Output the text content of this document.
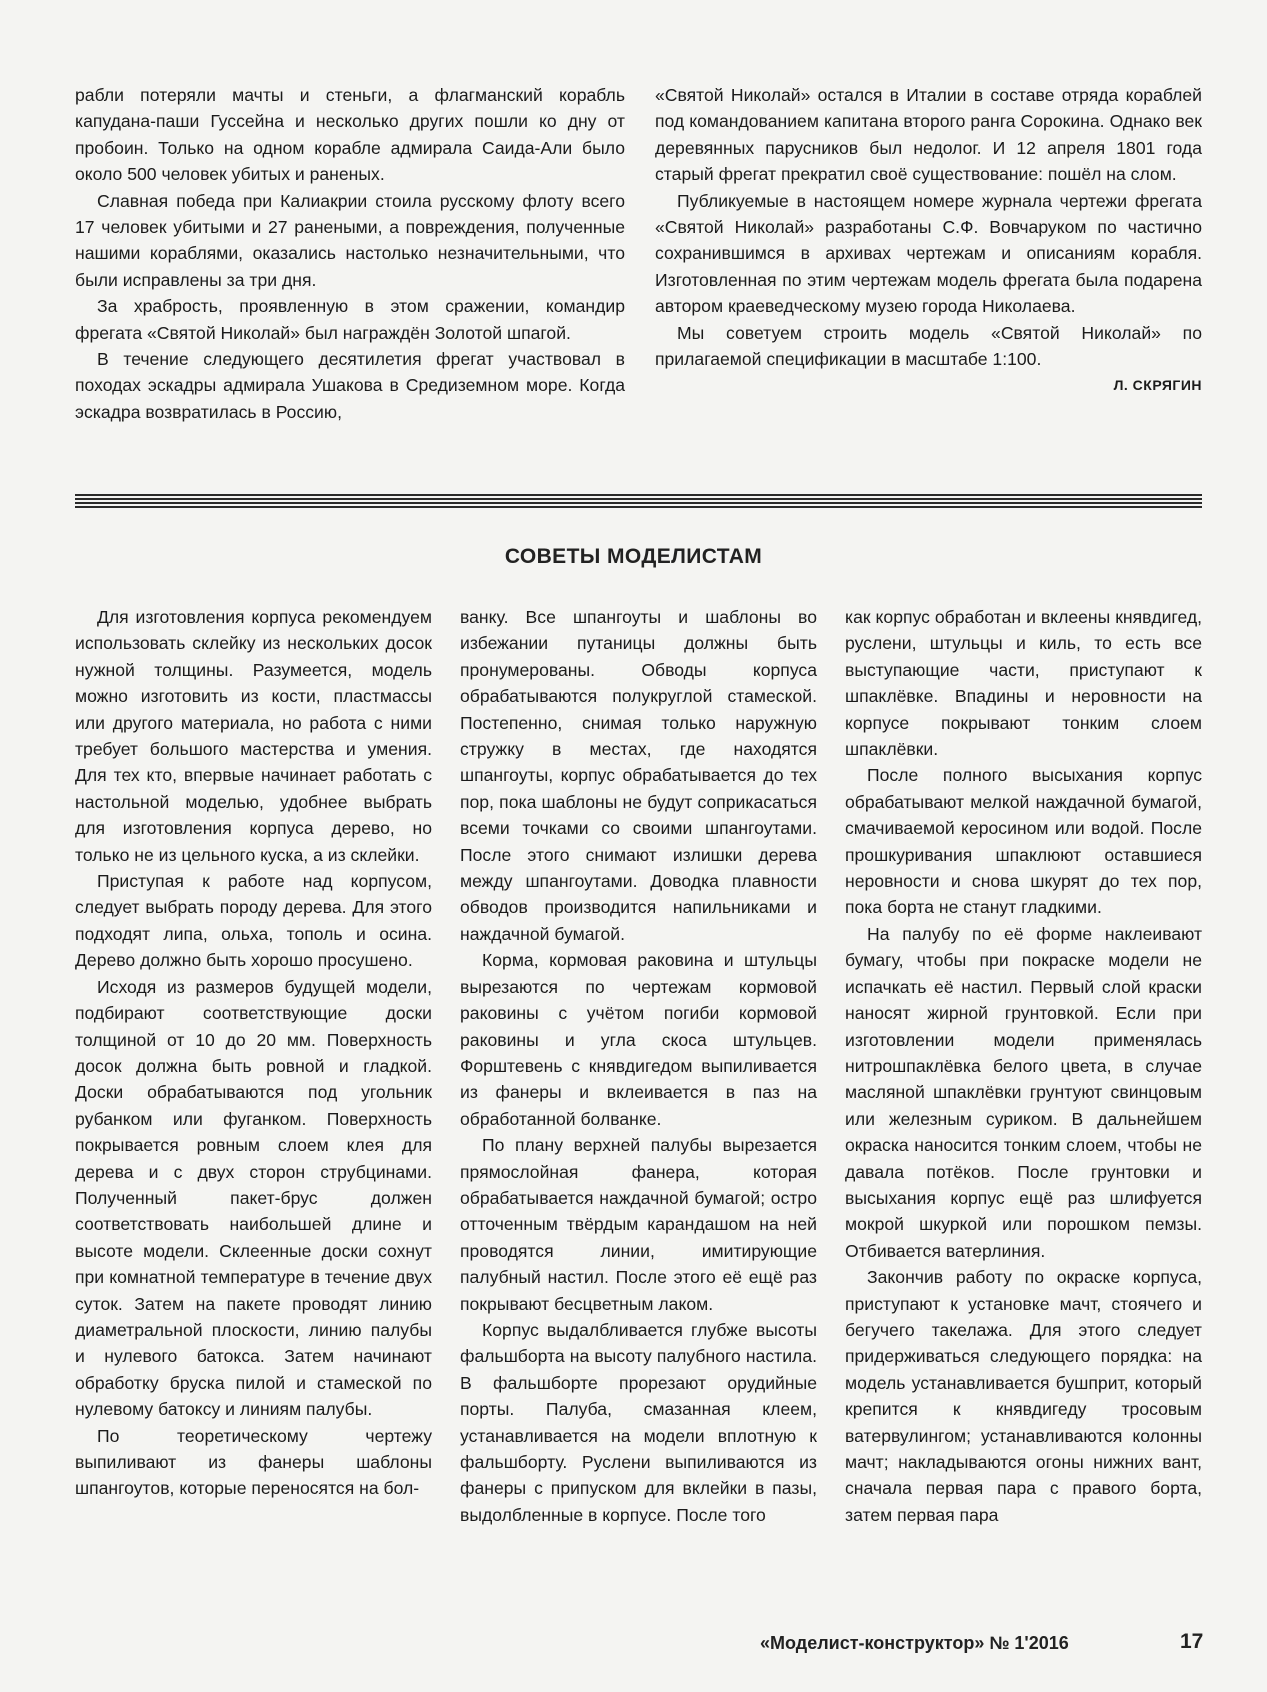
рабли потеряли мачты и стеньги, а флагманский корабль капудана-паши Гуссейна и несколько других пошли ко дну от пробоин. Только на одном корабле адмирала Саида-Али было около 500 человек убитых и раненых.

Славная победа при Калиакрии стоила русскому флоту всего 17 человек убитыми и 27 ранеными, а повреждения, полученные нашими кораблями, оказались настолько незначительными, что были исправлены за три дня.

За храбрость, проявленную в этом сражении, командир фрегата «Святой Николай» был награждён Золотой шпагой.

В течение следующего десятилетия фрегат участвовал в походах эскадры адмирала Ушакова в Средиземном море. Когда эскадра возвратилась в Россию,

«Святой Николай» остался в Италии в составе отряда кораблей под командованием капитана второго ранга Сорокина. Однако век деревянных парусников был недолог. И 12 апреля 1801 года старый фрегат прекратил своё существование: пошёл на слом.

Публикуемые в настоящем номере журнала чертежи фрегата «Святой Николай» разработаны С.Ф. Вовчаруком по частично сохранившимся в архивах чертежам и описаниям корабля. Изготовленная по этим чертежам модель фрегата была подарена автором краеведческому музею города Николаева.

Мы советуем строить модель «Святой Николай» по прилагаемой спецификации в масштабе 1:100.

Л. СКРЯГИН

СОВЕТЫ МОДЕЛИСТАМ

Для изготовления корпуса рекомендуем использовать склейку из нескольких досок нужной толщины. Разумеется, модель можно изготовить из кости, пластмассы или другого материала, но работа с ними требует большого мастерства и умения. Для тех кто, впервые начинает работать с настольной моделью, удобнее выбрать для изготовления корпуса дерево, но только не из цельного куска, а из склейки.

Приступая к работе над корпусом, следует выбрать породу дерева. Для этого подходят липа, ольха, тополь и осина. Дерево должно быть хорошо просушено.

Исходя из размеров будущей модели, подбирают соответствующие доски толщиной от 10 до 20 мм. Поверхность досок должна быть ровной и гладкой. Доски обрабатываются под угольник рубанком или фуганком. Поверхность покрывается ровным слоем клея для дерева и с двух сторон струбцинами. Полученный пакет-брус должен соответствовать наибольшей длине и высоте модели. Склеенные доски сохнут при комнатной температуре в течение двух суток. Затем на пакете проводят линию диаметральной плоскости, линию палубы и нулевого батокса. Затем начинают обработку бруска пилой и стамеской по нулевому батоксу и линиям палубы.

По теоретическому чертежу выпиливают из фанеры шаблоны шпангоутов, которые переносятся на бол-

ванку. Все шпангоуты и шаблоны во избежании путаницы должны быть пронумерованы. Обводы корпуса обрабатываются полукруглой стамеской. Постепенно, снимая только наружную стружку в местах, где находятся шпангоуты, корпус обрабатывается до тех пор, пока шаблоны не будут соприкасаться всеми точками со своими шпангоутами. После этого снимают излишки дерева между шпангоутами. Доводка плавности обводов производится напильниками и наждачной бумагой.

Корма, кормовая раковина и штульцы вырезаются по чертежам кормовой раковины с учётом погиби кормовой раковины и угла скоса штульцев. Форштевень с княвдигедом выпиливается из фанеры и вклеивается в паз на обработанной болванке.

По плану верхней палубы вырезается прямослойная фанера, которая обрабатывается наждачной бумагой; остро отточенным твёрдым карандашом на ней проводятся линии, имитирующие палубный настил. После этого её ещё раз покрывают бесцветным лаком.

Корпус выдалбливается глубже высоты фальшборта на высоту палубного настила. В фальшборте прорезают орудийные порты. Палуба, смазанная клеем, устанавливается на модели вплотную к фальшборту. Руслени выпиливаются из фанеры с припуском для вклейки в пазы, выдолбленные в корпусе. После того

как корпус обработан и вклеены княвдигед, руслени, штульцы и киль, то есть все выступающие части, приступают к шпаклёвке. Впадины и неровности на корпусе покрывают тонким слоем шпаклёвки.

После полного высыхания корпус обрабатывают мелкой наждачной бумагой, смачиваемой керосином или водой. После прошкуривания шпаклюют оставшиеся неровности и снова шкурят до тех пор, пока борта не станут гладкими.

На палубу по её форме наклеивают бумагу, чтобы при покраске модели не испачкать её настил. Первый слой краски наносят жирной грунтовкой. Если при изготовлении модели применялась нитрошпаклёвка белого цвета, в случае масляной шпаклёвки грунтуют свинцовым или железным суриком. В дальнейшем окраска наносится тонким слоем, чтобы не давала потёков. После грунтовки и высыхания корпус ещё раз шлифуется мокрой шкуркой или порошком пемзы. Отбивается ватерлиния.

Закончив работу по окраске корпуса, приступают к установке мачт, стоячего и бегучего такелажа. Для этого следует придерживаться следующего порядка: на модель устанавливается бушприт, который крепится к княвдигеду тросовым ватервулингом; устанавливаются колонны мачт; накладываются огоны нижних вант, сначала первая пара с правого борта, затем первая пара

«Моделист-конструктор» № 1'2016	17
